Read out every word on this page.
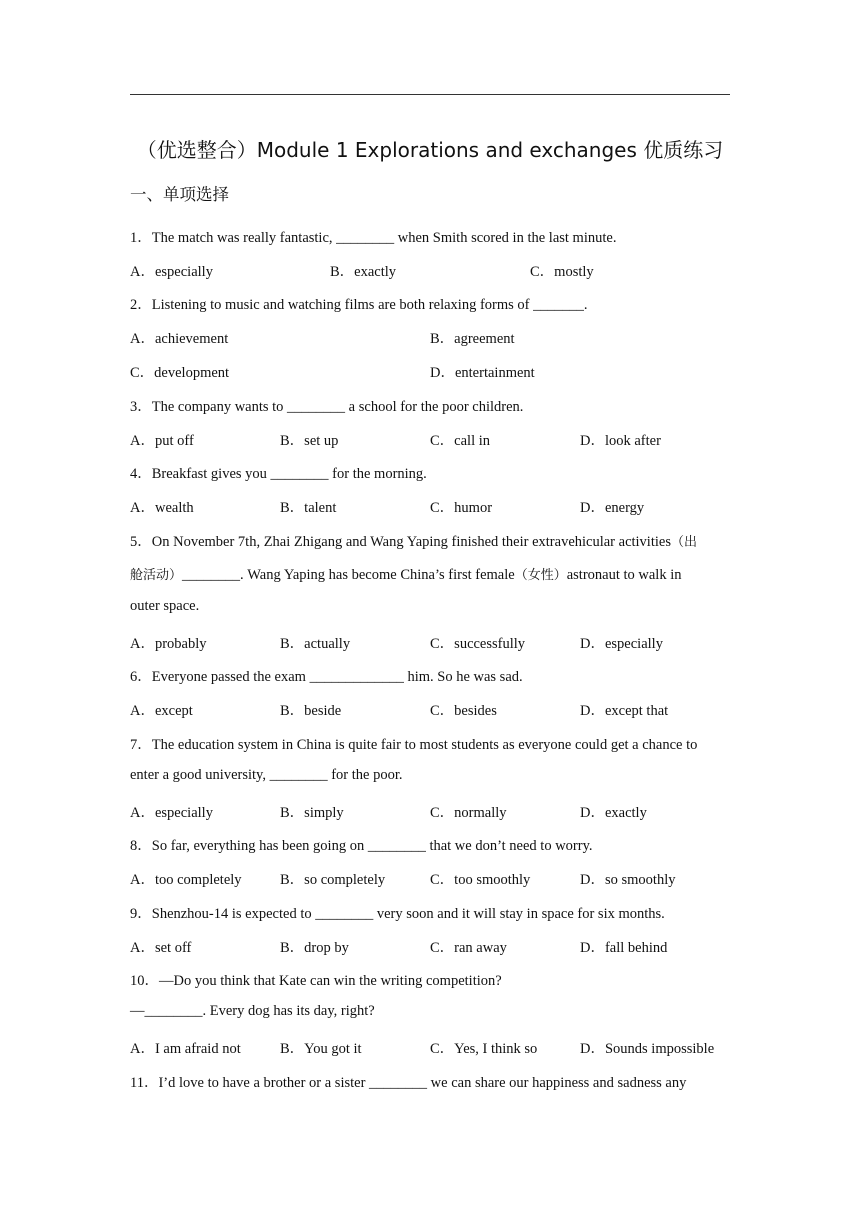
（优选整合）Module 1 Explorations and exchanges 优质练习
一、单项选择
1．The match was really fantastic, ________ when Smith scored in the last minute.
A．especially	B．exactly	C．mostly
2．Listening to music and watching films are both relaxing forms of _______.
A．achievement	B．agreement
C．development	D．entertainment
3．The company wants to ________ a school for the poor children.
A．put off	B．set up	C．call in	D．look after
4．Breakfast gives you ________ for the morning.
A．wealth	B．talent	C．humor	D．energy
5．On November 7th, Zhai Zhigang and Wang Yaping finished their extravehicular activities（出
舱活动）________. Wang Yaping has become China’s first female（女性）astronaut to walk in
outer space.
A．probably	B．actually	C．successfully	D．especially
6．Everyone passed the exam _____________ him. So he was sad.
A．except	B．beside	C．besides	D．except that
7．The education system in China is quite fair to most students as everyone could get a chance to
enter a good university, ________ for the poor.
A．especially	B．simply	C．normally	D．exactly
8．So far, everything has been going on ________ that we don’t need to worry.
A．too completely	B．so completely	C．too smoothly	D．so smoothly
9．Shenzhou-14 is expected to ________ very soon and it will stay in space for six months.
A．set off	B．drop by	C．ran away	D．fall behind
10．—Do you think that Kate can win the writing competition?
—________. Every dog has its day, right?
A．I am afraid not	B．You got it	C．Yes, I think so	D．Sounds impossible
11．I’d love to have a brother or a sister ________ we can share our happiness and sadness any
